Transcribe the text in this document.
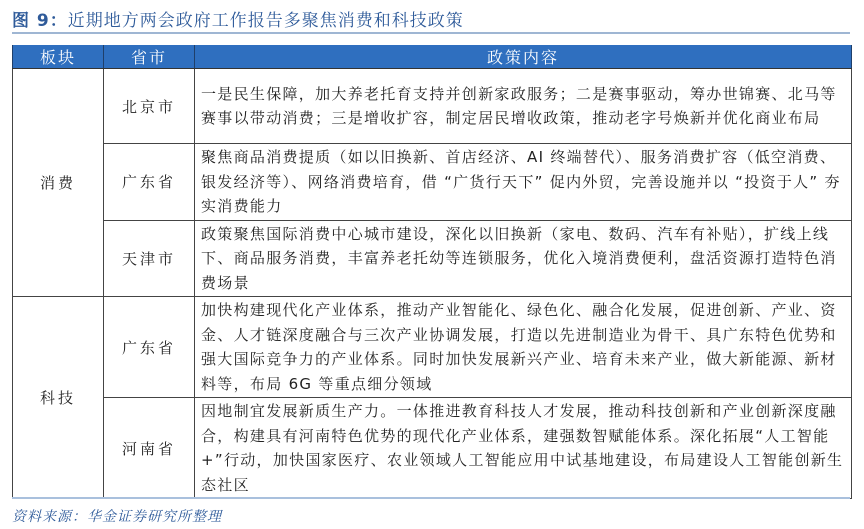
图 9：近期地方两会政府工作报告多聚焦消费和科技政策
板块	省市	政策内容
消费	北京市	一是民生保障，加大养老托育支持并创新家政服务；二是赛事驱动，筹办世锦赛、北马等赛事以带动消费；三是增收扩容，制定居民增收政策，推动老字号焕新并优化商业布局
	广东省	聚焦商品消费提质（如以旧换新、首店经济、AI 终端替代）、服务消费扩容（低空消费、银发经济等）、网络消费培育，借 “广货行天下” 促内外贸，完善设施并以 “投资于人” 夯实消费能力
	天津市	政策聚焦国际消费中心城市建设，深化以旧换新（家电、数码、汽车有补贴），扩线上线下、商品服务消费，丰富养老托幼等连锁服务，优化入境消费便利，盘活资源打造特色消费场景
科技	广东省	加快构建现代化产业体系，推动产业智能化、绿色化、融合化发展，促进创新、产业、资金、人才链深度融合与三次产业协调发展，打造以先进制造业为骨干、具广东特色优势和强大国际竞争力的产业体系。同时加快发展新兴产业、培育未来产业，做大新能源、新材料等，布局 6G 等重点细分领域
	河南省	因地制宜发展新质生产力。一体推进教育科技人才发展，推动科技创新和产业创新深度融合，构建具有河南特色优势的现代化产业体系，建强数智赋能体系。深化拓展“人工智能+”行动，加快国家医疗、农业领域人工智能应用中试基地建设，布局建设人工智能创新生态社区
资料来源：华金证券研究所整理
